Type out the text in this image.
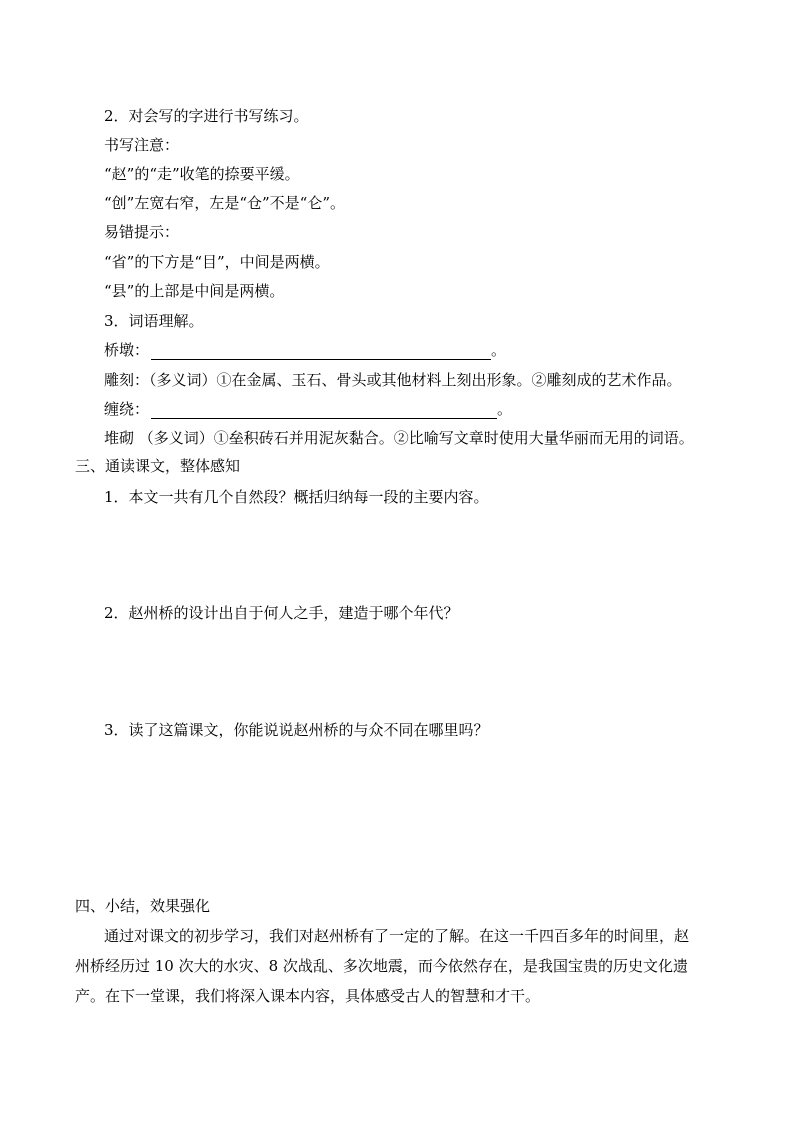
2．对会写的字进行书写练习。
书写注意：
“赵”的“走”收笔的捺要平缓。
“创”左宽右窄，左是“仓”不是“仑”。
易错提示：
“省”的下方是“目”，中间是两横。
“县”的上部是中间是两横。
3．词语理解。
桥墩：	。
雕刻：（多义词）①在金属、玉石、骨头或其他材料上刻出形象。②雕刻成的艺术作品。
缠绕：	。
堆砌 （多义词）①垒积砖石并用泥灰黏合。②比喻写文章时使用大量华丽而无用的词语。
三、通读课文，整体感知
1．本文一共有几个自然段？概括归纳每一段的主要内容。
2．赵州桥的设计出自于何人之手，建造于哪个年代？
3．读了这篇课文，你能说说赵州桥的与众不同在哪里吗？
四、小结，效果强化
通过对课文的初步学习，我们对赵州桥有了一定的了解。在这一千四百多年的时间里，赵
州桥经历过 10 次大的水灾、8 次战乱、多次地震，而今依然存在，是我国宝贵的历史文化遗
产。在下一堂课，我们将深入课本内容，具体感受古人的智慧和才干。
